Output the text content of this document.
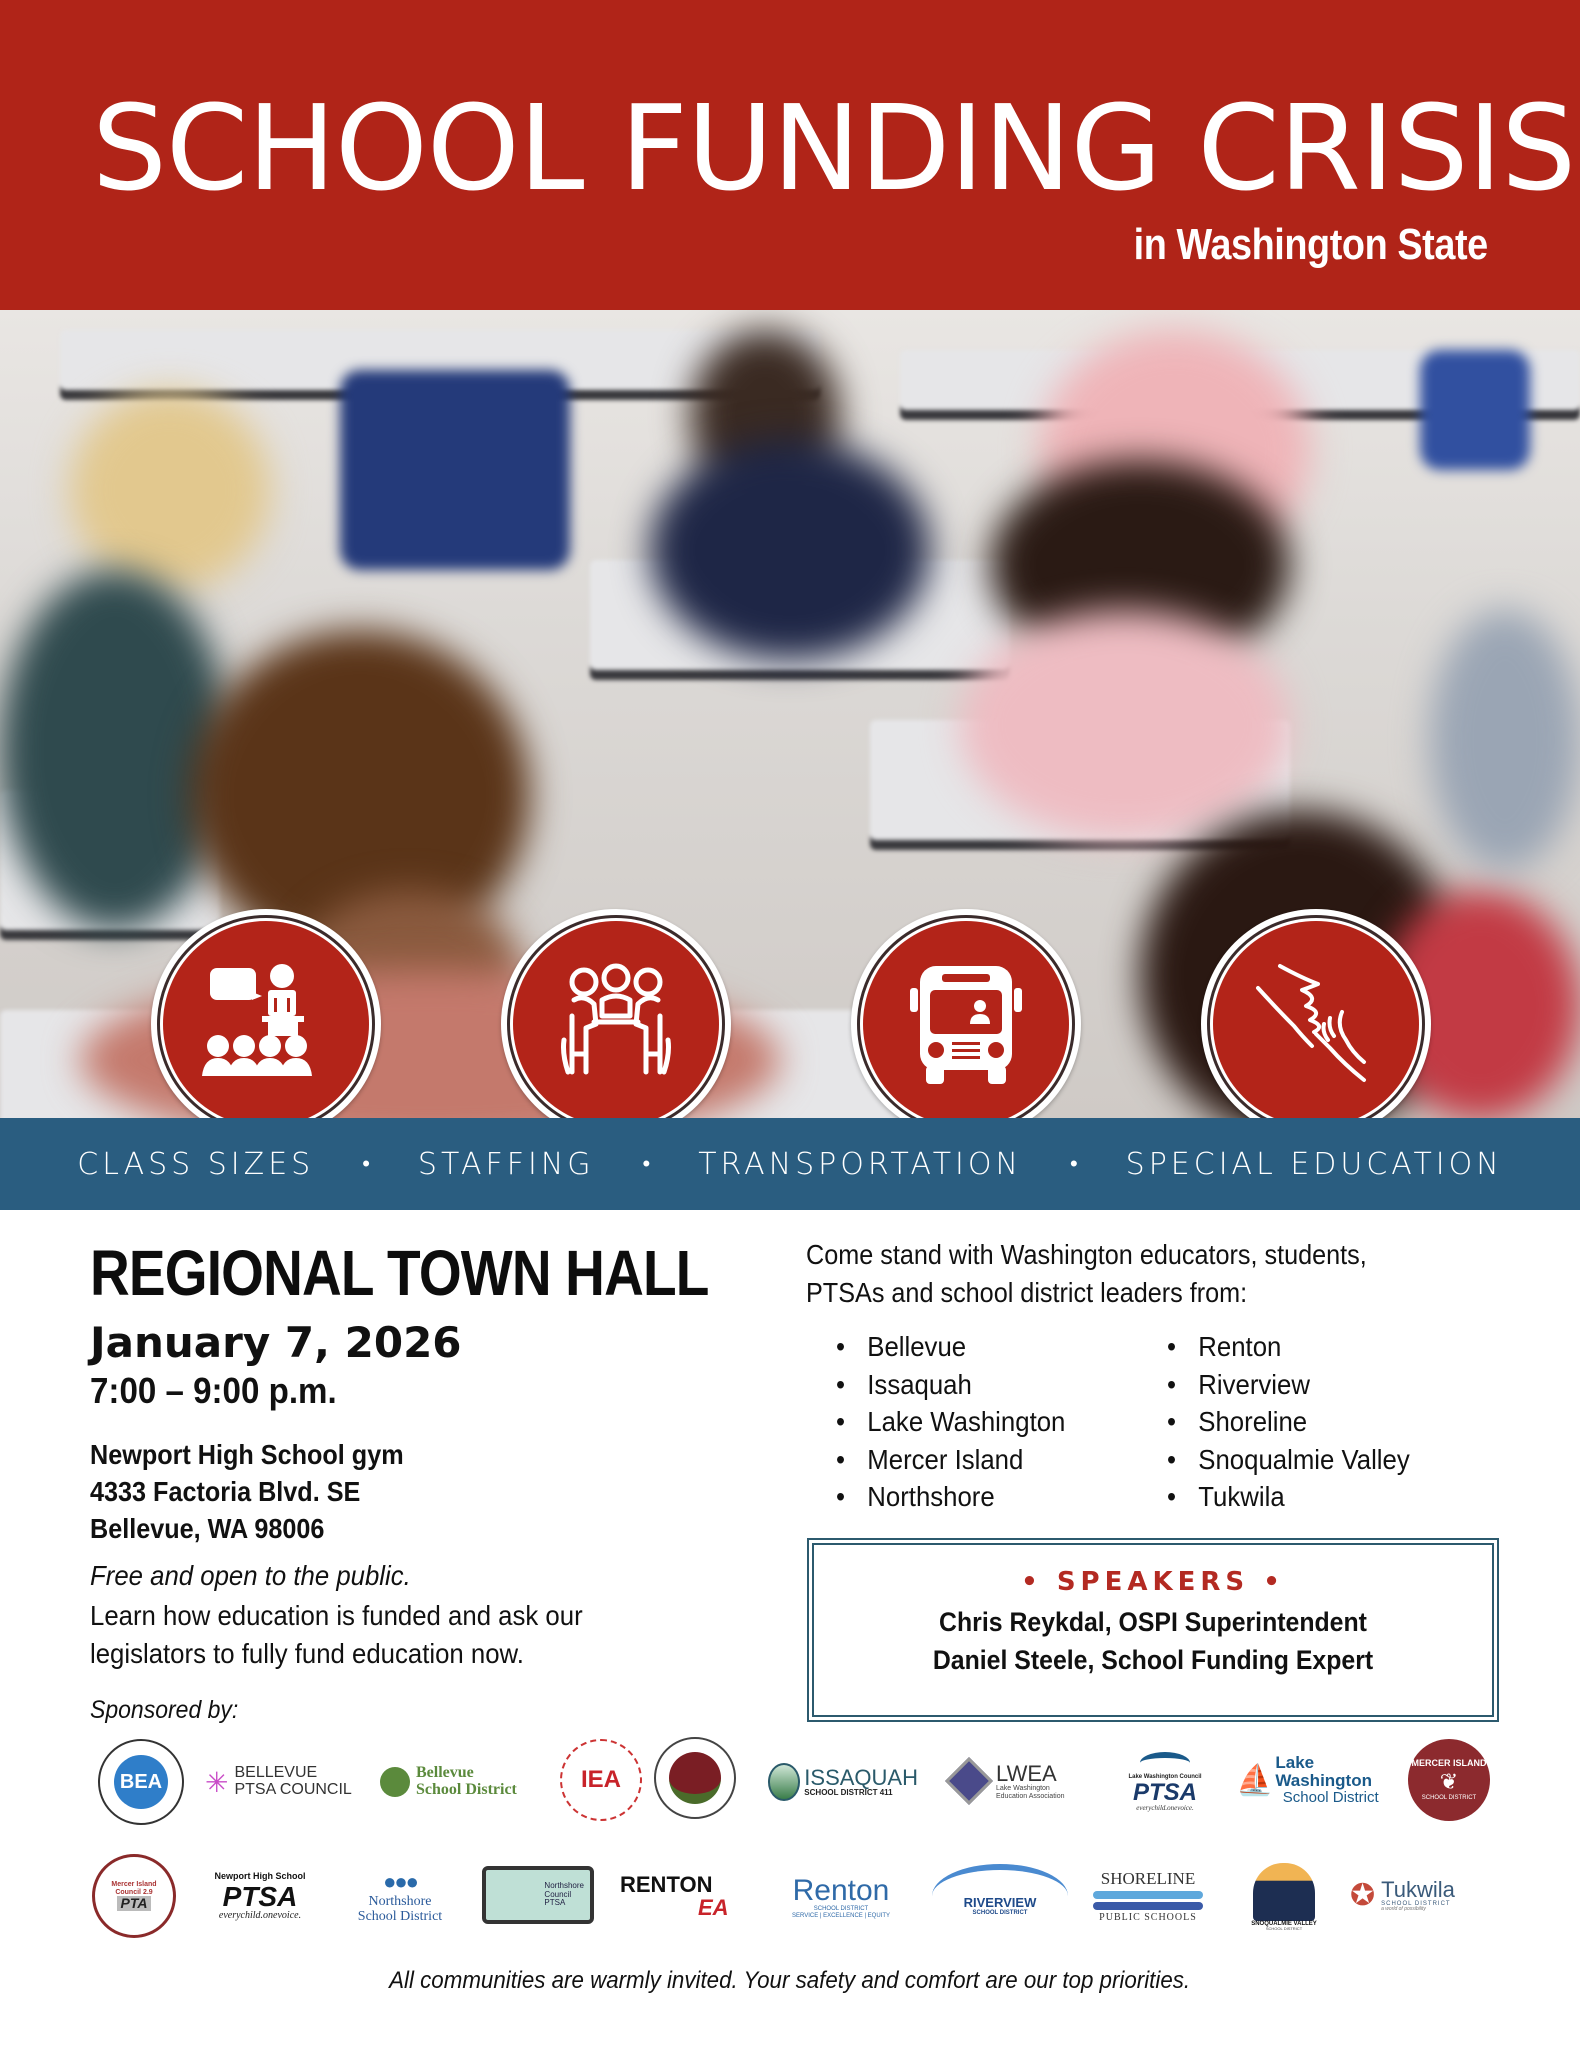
SCHOOL FUNDING CRISIS
in Washington State
CLASS SIZES • STAFFING • TRANSPORTATION • SPECIAL EDUCATION
REGIONAL TOWN HALL
January 7, 2026
7:00 – 9:00 p.m.
Newport High School gym
4333 Factoria Blvd. SE
Bellevue, WA 98006
Free and open to the public.
Learn how education is funded and ask our
legislators to fully fund education now.
Sponsored by:
Come stand with Washington educators, students,
PTSAs and school district leaders from:
• Bellevue
• Issaquah
• Lake Washington
• Mercer Island
• Northshore
• Renton
• Riverview
• Shoreline
• Snoqualmie Valley
• Tukwila
• SPEAKERS •
Chris Reykdal, OSPI Superintendent
Daniel Steele, School Funding Expert
BEA ✳ BELLEVUE
PTSA COUNCIL
Bellevue
School District	IEA	ISSAQUAH
SCHOOL DISTRICT 411
LWEA
Lake Washington
Education Association
Lake Washington Council
PTSA
everychild.onevoice.
⛵
Lake Washington
School District
MERCER ISLAND
❦
SCHOOL DISTRICT
Mercer Island
Council 2.9
PTA
Newport High School
PTSA
everychild.onevoice.
●●●
Northshore
School District
Northshore
Council
PTSA
RENTON
EA
Renton
SCHOOL DISTRICT
SERVICE | EXCELLENCE | EQUITY
RIVERVIEW
SCHOOL DISTRICT
SHORELINE
PUBLIC SCHOOLS
SNOQUALMIE VALLEY
SCHOOL DISTRICT
✪ Tukwila
SCHOOL DISTRICT
a world of possibility
All communities are warmly invited. Your safety and comfort are our top priorities.
